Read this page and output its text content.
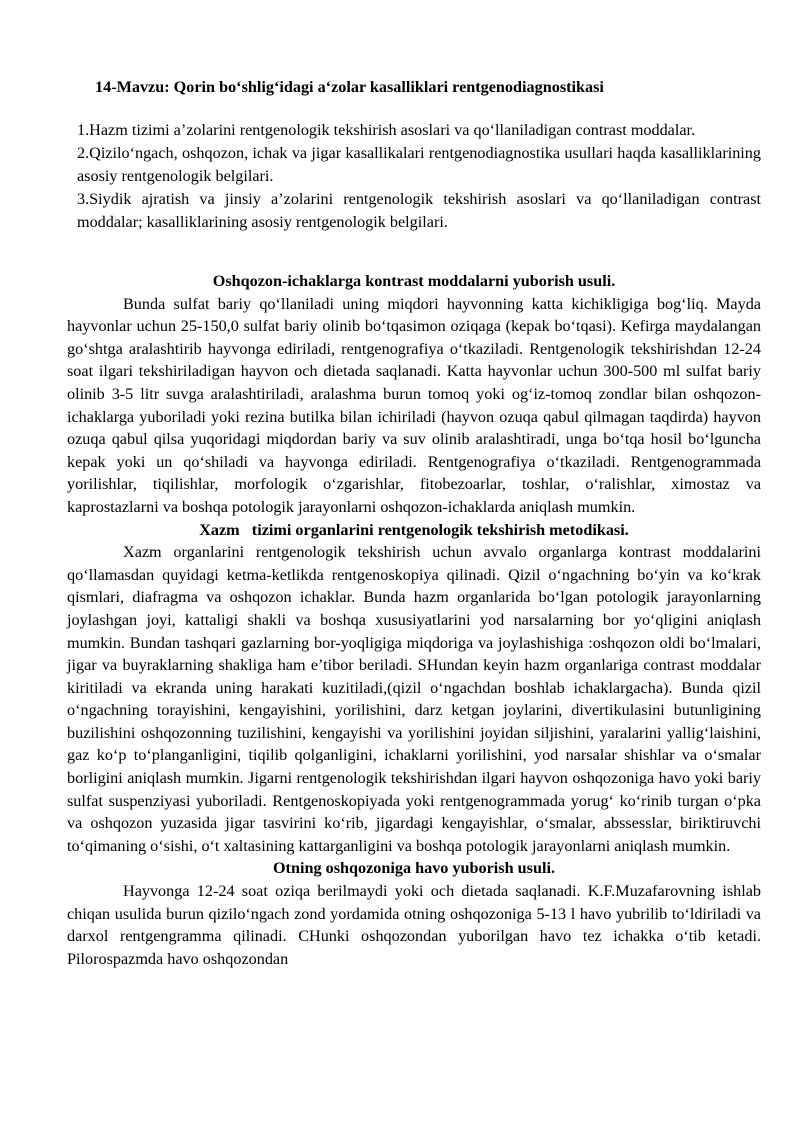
14-Mavzu: Qorin bo‘shlig‘idagi a‘zolar kasalliklari rentgenodiagnostikasi
1.Hazm tizimi a’zolarini rentgenologik tekshirish asoslari va qo‘llaniladigan contrast moddalar.
2.Qizilo‘ngach, oshqozon, ichak va jigar kasallikalari rentgenodiagnostika usullari haqda kasalliklarining asosiy rentgenologik belgilari.
3.Siydik ajratish va jinsiy a’zolarini rentgenologik tekshirish asoslari va qo‘llaniladigan contrast moddalar; kasalliklarining asosiy rentgenologik belgilari.
Oshqozon-ichaklarga kontrast moddalarni yuborish usuli.

Bunda sulfat bariy qo‘llaniladi uning miqdori hayvonning katta kichikligiga bog‘liq. Mayda hayvonlar uchun 25-150,0 sulfat bariy olinib bo‘tqasimon oziqaga (kepak bo‘tqasi). Kefirga maydalangan go‘shtga aralashtirib hayvonga ediriladi, rentgenografiya o‘tkaziladi. Rentgenologik tekshirishdan 12-24 soat ilgari tekshiriladigan hayvon och dietada saqlanadi. Katta hayvonlar uchun 300-500 ml sulfat bariy olinib 3-5 litr suvga aralashtiriladi, aralashma burun tomoq yoki og‘iz-tomoq zondlar bilan oshqozon-ichaklarga yuboriladi yoki rezina butilka bilan ichiriladi (hayvon ozuqa qabul qilmagan taqdirda) hayvon ozuqa qabul qilsa yuqoridagi miqdordan bariy va suv olinib aralashtiradi, unga bo‘tqa hosil bo‘lguncha kepak yoki un qo‘shiladi va hayvonga ediriladi. Rentgenografiya o‘tkaziladi. Rentgenogrammada yorilishlar, tiqilishlar, morfologik o‘zgarishlar, fitobezoarlar, toshlar, o‘ralishlar, ximostaz va kaprostazlarni va boshqa potologik jarayonlarni oshqozon-ichaklarda aniqlash mumkin.

Xazm   tizimi organlarini rentgenologik tekshirish metodikasi.

Xazm organlarini rentgenologik tekshirish uchun avvalo organlarga kontrast moddalarini qo‘llamasdan quyidagi ketma-ketlikda rentgenoskopiya qilinadi. Qizil o‘ngachning bo‘yin va ko‘krak qismlari, diafragma va oshqozon ichaklar. Bunda hazm organlarida bo‘lgan potologik jarayonlarning joylashgan joyi, kattaligi shakli va boshqa xususiyatlarini yod narsalarning bor yo‘qligini aniqlash mumkin. Bundan tashqari gazlarning bor-yoqligiga miqdoriga va joylashishiga :oshqozon oldi bo‘lmalari, jigar va buyraklarning shakliga ham e’tibor beriladi. SHundan keyin hazm organlariga contrast moddalar kiritiladi va ekranda uning harakati kuzitiladi,(qizil o‘ngachdan boshlab ichaklargacha). Bunda qizil o‘ngachning torayishini, kengayishini, yorilishini, darz ketgan joylarini, divertikulasini butunligining buzilishini oshqozonning tuzilishini, kengayishi va yorilishini joyidan siljishini, yaralarini yallig‘laishini, gaz ko‘p to‘planganligini, tiqilib qolganligini, ichaklarni yorilishini, yod narsalar shishlar va o‘smalar borligini aniqlash mumkin. Jigarni rentgenologik tekshirishdan ilgari hayvon oshqozoniga havo yoki bariy sulfat suspenziyasi yuboriladi. Rentgenoskopiyada yoki rentgenogrammada yorug‘ ko‘rinib turgan o‘pka va oshqozon yuzasida jigar tasvirini ko‘rib, jigardagi kengayishlar, o‘smalar, abssesslar, biriktiruvchi to‘qimaning o‘sishi, o‘t xaltasining kattarganligini va boshqa potologik jarayonlarni aniqlash mumkin.

Otning oshqozoniga havo yuborish usuli.

Hayvonga 12-24 soat oziqa berilmaydi yoki och dietada saqlanadi. K.F.Muzafarovning ishlab chiqan usulida burun qizilo‘ngach zond yordamida otning oshqozoniga 5-13 l havo yubrilib to‘ldiriladi va darxol rentgengramma qilinadi. CHunki oshqozondan yuborilgan havo tez ichakka o‘tib ketadi. Pilorospazmda havo oshqozondan
